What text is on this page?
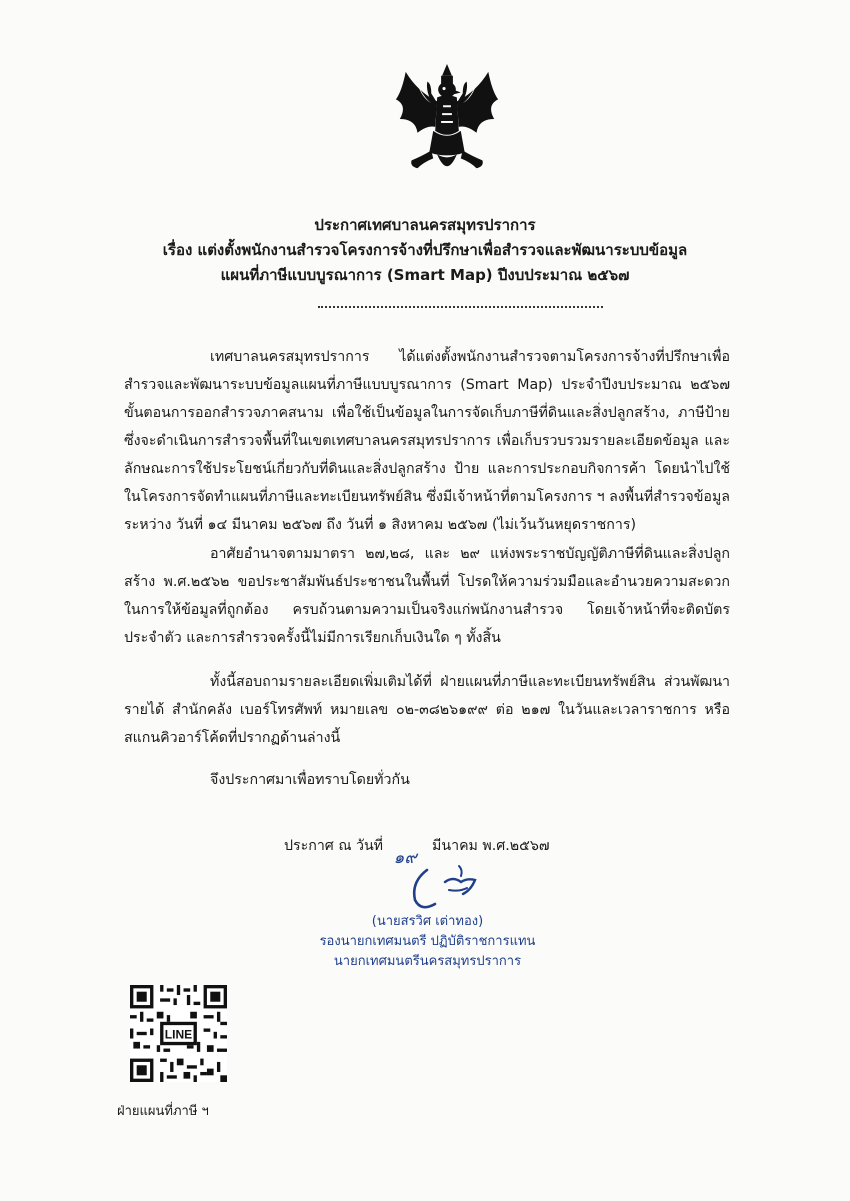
ประกาศเทศบาลนครสมุทรปราการ
เรื่อง แต่งตั้งพนักงานสำรวจโครงการจ้างที่ปรึกษาเพื่อสำรวจและพัฒนาระบบข้อมูล
แผนที่ภาษีแบบบูรณาการ (Smart Map) ปีงบประมาณ ๒๕๖๗
เทศบาลนครสมุทรปราการ ได้แต่งตั้งพนักงานสำรวจตามโครงการจ้างที่ปรึกษาเพื่อสำรวจและพัฒนาระบบข้อมูลแผนที่ภาษีแบบบูรณาการ (Smart Map) ประจำปีงบประมาณ ๒๕๖๗ ขั้นตอนการออกสำรวจภาคสนาม เพื่อใช้เป็นข้อมูลในการจัดเก็บภาษีที่ดินและสิ่งปลูกสร้าง, ภาษีป้าย ซึ่งจะดำเนินการสำรวจพื้นที่ในเขตเทศบาลนครสมุทรปราการ เพื่อเก็บรวบรวมรายละเอียดข้อมูล และลักษณะการใช้ประโยชน์เกี่ยวกับที่ดินและสิ่งปลูกสร้าง ป้าย และการประกอบกิจการค้า โดยนำไปใช้ในโครงการจัดทำแผนที่ภาษีและทะเบียนทรัพย์สิน ซึ่งมีเจ้าหน้าที่ตามโครงการ ฯ ลงพื้นที่สำรวจข้อมูลระหว่าง วันที่ ๑๔ มีนาคม ๒๕๖๗ ถึง วันที่ ๑ สิงหาคม ๒๕๖๗ (ไม่เว้นวันหยุดราชการ)
อาศัยอำนาจตามมาตรา ๒๗,๒๘, และ ๒๙ แห่งพระราชบัญญัติภาษีที่ดินและสิ่งปลูกสร้าง พ.ศ.๒๕๖๒ ขอประชาสัมพันธ์ประชาชนในพื้นที่ โปรดให้ความร่วมมือและอำนวยความสะดวกในการให้ข้อมูลที่ถูกต้อง ครบถ้วนตามความเป็นจริงแก่พนักงานสำรวจ โดยเจ้าหน้าที่จะติดบัตรประจำตัว และการสำรวจครั้งนี้ไม่มีการเรียกเก็บเงินใด ๆ ทั้งสิ้น
ทั้งนี้สอบถามรายละเอียดเพิ่มเติมได้ที่ ฝ่ายแผนที่ภาษีและทะเบียนทรัพย์สิน ส่วนพัฒนารายได้ สำนักคลัง เบอร์โทรศัพท์ หมายเลข ๐๒-๓๘๒๖๑๙๙ ต่อ ๒๑๗ ในวันและเวลาราชการ หรือสแกนคิวอาร์โค้ดที่ปรากฏด้านล่างนี้
จึงประกาศมาเพื่อทราบโดยทั่วกัน
ประกาศ ณ วันที่
๑๙
มีนาคม พ.ศ.๒๕๖๗
(นายสรวิศ เต่าทอง)
รองนายกเทศมนตรี ปฏิบัติราชการแทน
นายกเทศมนตรีนครสมุทรปราการ
LINE
ฝ่ายแผนที่ภาษี ฯ
